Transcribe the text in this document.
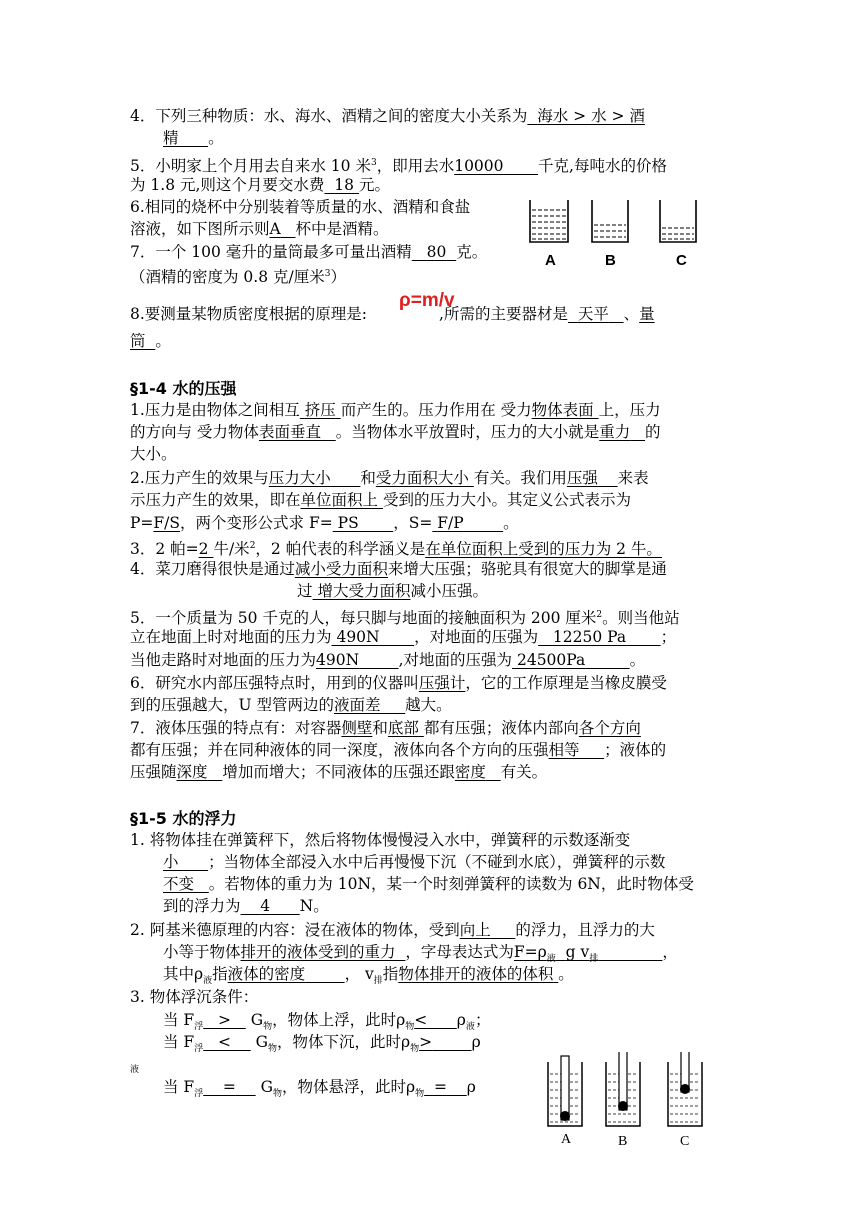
4．下列三种物质：水、海水、酒精之间的密度大小关系为 海水 > 水 > 酒
精 。
5．小明家上个月用去自来水 10 米$^3$，即用去水10000 千克,每吨水的价格
为 1.8 元,则这个月要交水费 18 元。
6.相同的烧杯中分别装着等质量的水、酒精和食盐
溶液，如下图所示则A 杯中是酒精。
7．一个 100 毫升的量筒最多可量出酒精 80 克。
（酒精的密度为 0.8 克/厘米$^3$）
A	B	C
8.要测量某物质密度根据的原理是:	,所需的主要器材是 天平 、量
ρ=m/v
筒 。
§1-4 水的压强
1.压力是由物体之间相互 挤压 而产生的。压力作用在 受力物体表面 上，压力
的方向与 受力物体表面垂直 。当物体水平放置时，压力的大小就是重力 的
大小。
2.压力产生的效果与压力大小 和受力面积大小 有关。我们用压强 来表
示压力产生的效果，即在单位面积上 受到的压力大小。其定义公式表示为
P=F/S，两个变形公式求 F= PS ，S= F/P	。
3．2 帕=2 牛/米$^2$，2 帕代表的科学涵义是在单位面积上受到的压力为 2 牛。
4．菜刀磨得很快是通过减小受力面积来增大压强；骆驼具有很宽大的脚掌是通
过 增大受力面积减小压强。
5．一个质量为 50 千克的人，每只脚与地面的接触面积为 200 厘米$^2$。则当他站
立在地面上时对地面的压力为 490N ，对地面的压强为 12250 Pa ；
当他走路时对地面的压力为490N	,对地面的压强为 24500Pa	。
6．研究水内部压强特点时，用到的仪器叫压强计，它的工作原理是当橡皮膜受
到的压强越大，U 型管两边的液面差 越大。
7．液体压强的特点有：对容器侧壁和底部 都有压强；液体内部向各个方向
都有压强；并在同种液体的同一深度，液体向各个方向的压强相等 ；液体的
压强随深度 增加而增大；不同液体的压强还跟密度 有关。
§1-5 水的浮力
1. 将物体挂在弹簧秤下，然后将物体慢慢浸入水中，弹簧秤的示数逐渐变
小 ；当物体全部浸入水中后再慢慢下沉（不碰到水底），弹簧秤的示数
不变 。若物体的重力为 10N，某一个时刻弹簧秤的读数为 6N，此时物体受
到的浮力为 4 N。
2. 阿基米德原理的内容：浸在液体的物体，受到向上 的浮力，且浮力的大
小等于物体排开的液体受到的重力 ，字母表达式为$F=\rho_液$ g $v_排$	，
其中$\rho_液$指液体的密度	， $v_排$指物体排开的液体的体积 。
3. 物体浮沉条件：
当 $F_浮$ >    $G_物$，物体上浮，此时$\rho_物< \rho_液$；
当 $F_浮$ <     $G_物$，物体下沉，此时$\rho_物>$	ρ
液
当 $F_浮$ =     $G_物$，物体悬浮，此时$\rho_物 = \rho$
A	B	C
